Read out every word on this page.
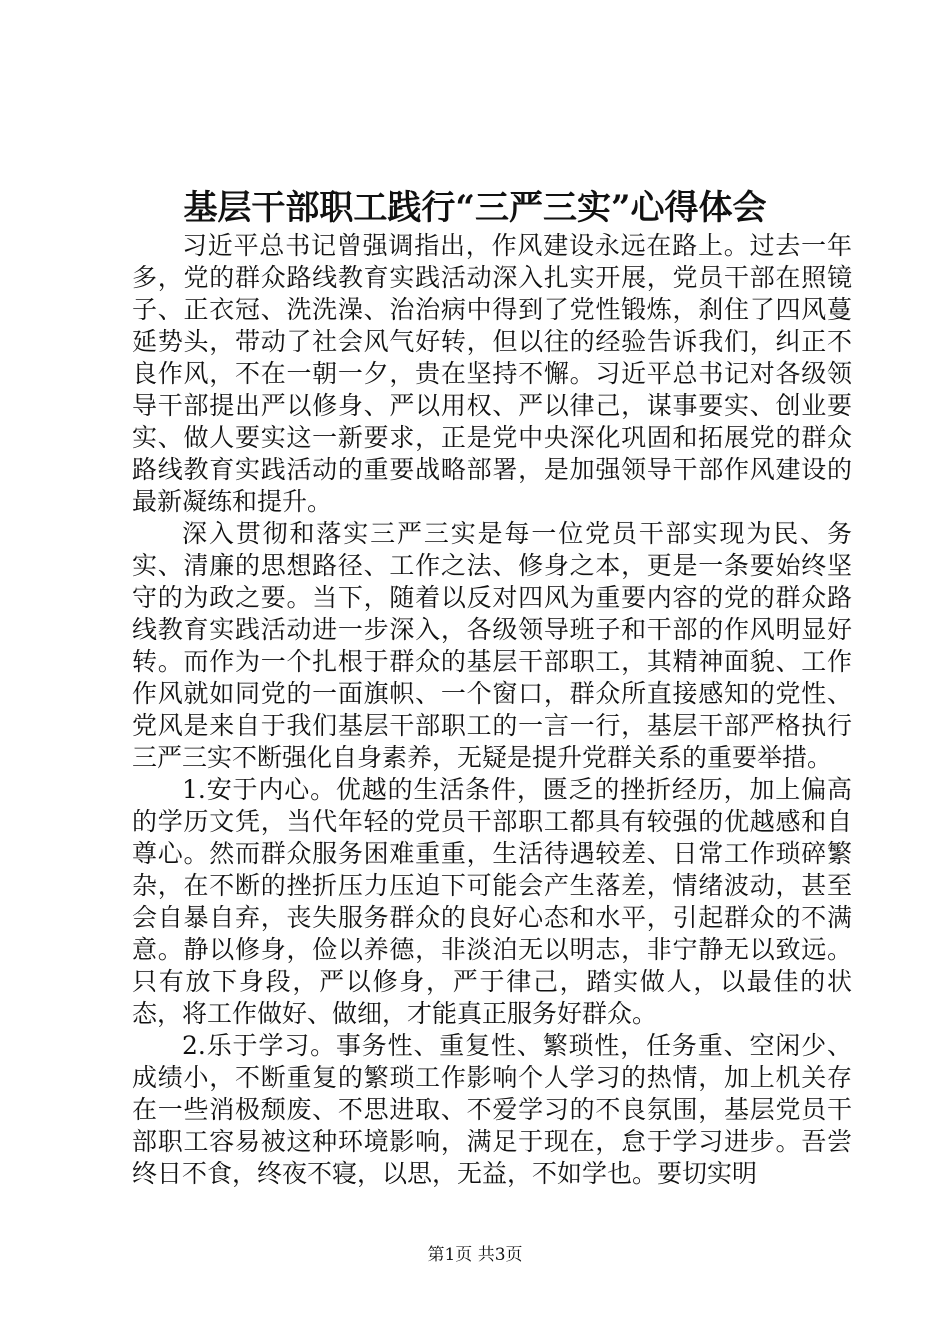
基层干部职工践行“三严三实”心得体会

习近平总书记曾强调指出，作风建设永远在路上。过去一年多，党的群众路线教育实践活动深入扎实开展，党员干部在照镜子、正衣冠、洗洗澡、治治病中得到了党性锻炼，刹住了四风蔓延势头，带动了社会风气好转，但以往的经验告诉我们，纠正不良作风，不在一朝一夕，贵在坚持不懈。习近平总书记对各级领导干部提出严以修身、严以用权、严以律己，谋事要实、创业要实、做人要实这一新要求，正是党中央深化巩固和拓展党的群众路线教育实践活动的重要战略部署，是加强领导干部作风建设的最新凝练和提升。

深入贯彻和落实三严三实是每一位党员干部实现为民、务实、清廉的思想路径、工作之法、修身之本，更是一条要始终坚守的为政之要。当下，随着以反对四风为重要内容的党的群众路线教育实践活动进一步深入，各级领导班子和干部的作风明显好转。而作为一个扎根于群众的基层干部职工，其精神面貌、工作作风就如同党的一面旗帜、一个窗口，群众所直接感知的党性、党风是来自于我们基层干部职工的一言一行，基层干部严格执行三严三实不断强化自身素养，无疑是提升党群关系的重要举措。

1.安于内心。优越的生活条件，匮乏的挫折经历，加上偏高的学历文凭，当代年轻的党员干部职工都具有较强的优越感和自尊心。然而群众服务困难重重，生活待遇较差、日常工作琐碎繁杂，在不断的挫折压力压迫下可能会产生落差，情绪波动，甚至会自暴自弃，丧失服务群众的良好心态和水平，引起群众的不满意。静以修身，俭以养德，非淡泊无以明志，非宁静无以致远。只有放下身段，严以修身，严于律己，踏实做人，以最佳的状态，将工作做好、做细，才能真正服务好群众。

2.乐于学习。事务性、重复性、繁琐性，任务重、空闲少、成绩小，不断重复的繁琐工作影响个人学习的热情，加上机关存在一些消极颓废、不思进取、不爱学习的不良氛围，基层党员干部职工容易被这种环境影响，满足于现在，怠于学习进步。吾尝终日不食，终夜不寝，以思，无益，不如学也。要切实明

第1页 共3页
